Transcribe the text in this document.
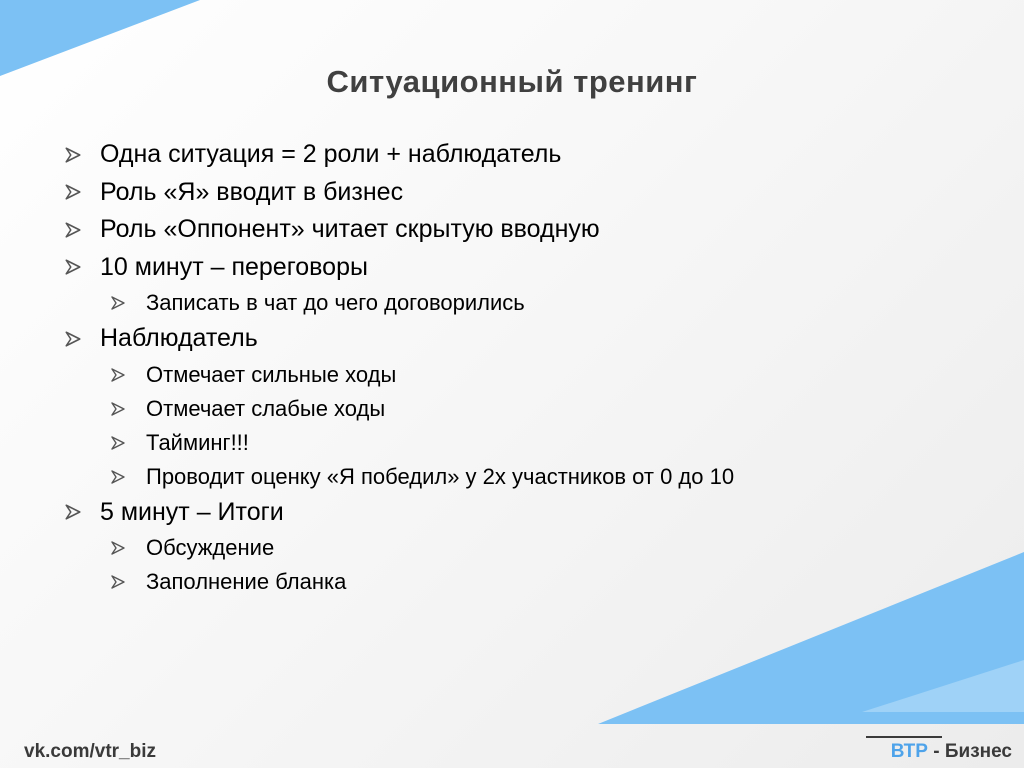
Ситуационный тренинг
Одна ситуация = 2 роли + наблюдатель
Роль «Я» вводит в бизнес
Роль «Оппонент» читает скрытую вводную
10 минут – переговоры
Записать в чат до чего договорились
Наблюдатель
Отмечает сильные ходы
Отмечает слабые ходы
Тайминг!!!
Проводит оценку «Я победил» у 2х участников от 0 до 10
5 минут – Итоги
Обсуждение
Заполнение бланка
vk.com/vtr_biz	ВТР - Бизнес
